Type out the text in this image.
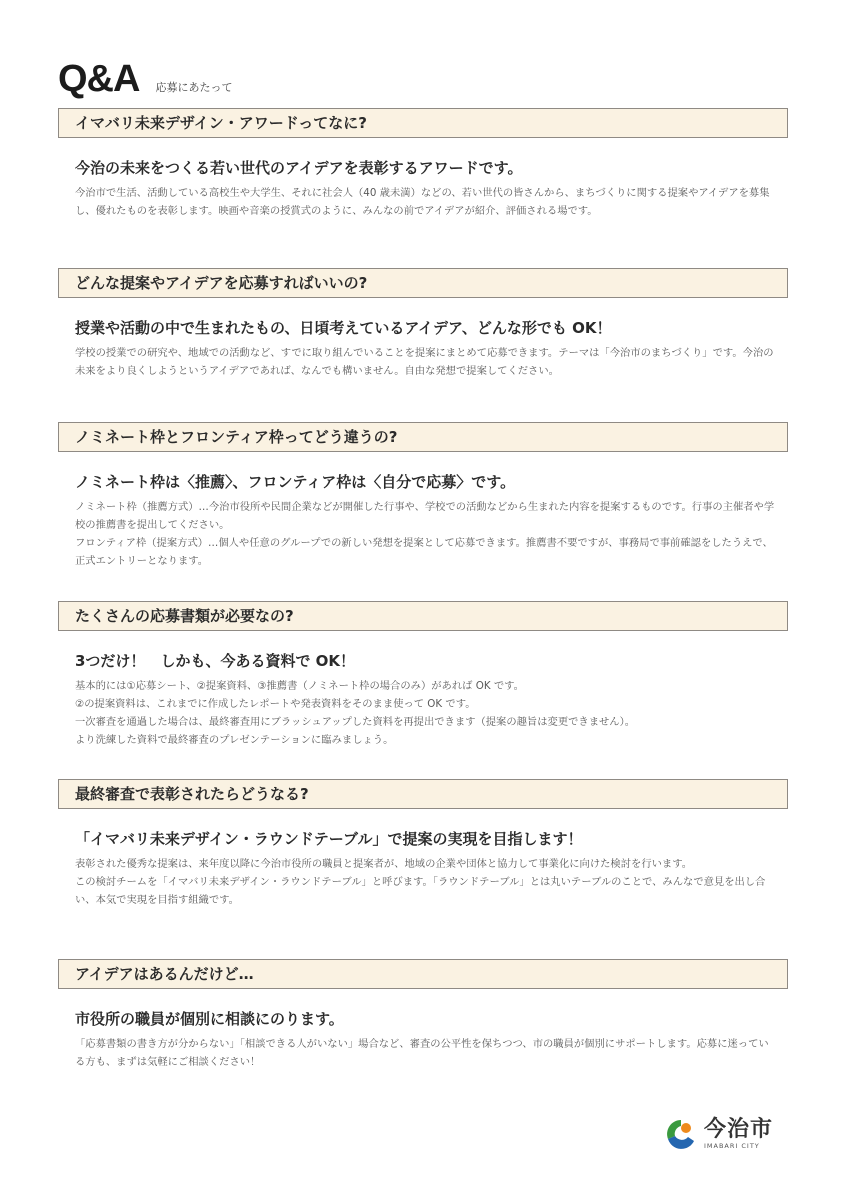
Q&A 応募にあたって
イマバリ未来デザイン・アワードってなに?
今治の未来をつくる若い世代のアイデアを表彰するアワードです。

今治市で生活、活動している高校生や大学生、それに社会人（40 歳未満）などの、若い世代の皆さんから、まちづくりに関する提案やアイデアを募集し、優れたものを表彰します。映画や音楽の授賞式のように、みんなの前でアイデアが紹介、評価される場です。

どんな提案やアイデアを応募すればいいの?
授業や活動の中で生まれたもの、日頃考えているアイデア、どんな形でも OK！

学校の授業での研究や、地域での活動など、すでに取り組んでいることを提案にまとめて応募できます。テーマは「今治市のまちづくり」です。今治の未来をより良くしようというアイデアであれば、なんでも構いません。自由な発想で提案してください。

ノミネート枠とフロンティア枠ってどう違うの?
ノミネート枠は〈推薦〉、フロンティア枠は〈自分で応募〉です。

ノミネート枠（推薦方式）…今治市役所や民間企業などが開催した行事や、学校での活動などから生まれた内容を提案するものです。行事の主催者や学校の推薦書を提出してください。

フロンティア枠（提案方式）…個人や任意のグループでの新しい発想を提案として応募できます。推薦書不要ですが、事務局で事前確認をしたうえで、正式エントリーとなります。

たくさんの応募書類が必要なの?
3つだけ！　しかも、今ある資料で OK！

基本的には①応募シート、②提案資料、③推薦書（ノミネート枠の場合のみ）があれば OK です。

②の提案資料は、これまでに作成したレポートや発表資料をそのまま使って OK です。

一次審査を通過した場合は、最終審査用にブラッシュアップした資料を再提出できます（提案の趣旨は変更できません）。

より洗練した資料で最終審査のプレゼンテーションに臨みましょう。

最終審査で表彰されたらどうなる?
「イマバリ未来デザイン・ラウンドテーブル」で提案の実現を目指します！

表彰された優秀な提案は、来年度以降に今治市役所の職員と提案者が、地域の企業や団体と協力して事業化に向けた検討を行います。

この検討チームを「イマバリ未来デザイン・ラウンドテーブル」と呼びます。「ラウンドテーブル」とは丸いテーブルのことで、みんなで意見を出し合い、本気で実現を目指す組織です。

アイデアはあるんだけど…
市役所の職員が個別に相談にのります。

「応募書類の書き方が分からない」「相談できる人がいない」場合など、審査の公平性を保ちつつ、市の職員が個別にサポートします。応募に迷っている方も、まずは気軽にご相談ください！

今治市
IMABARI CITY
